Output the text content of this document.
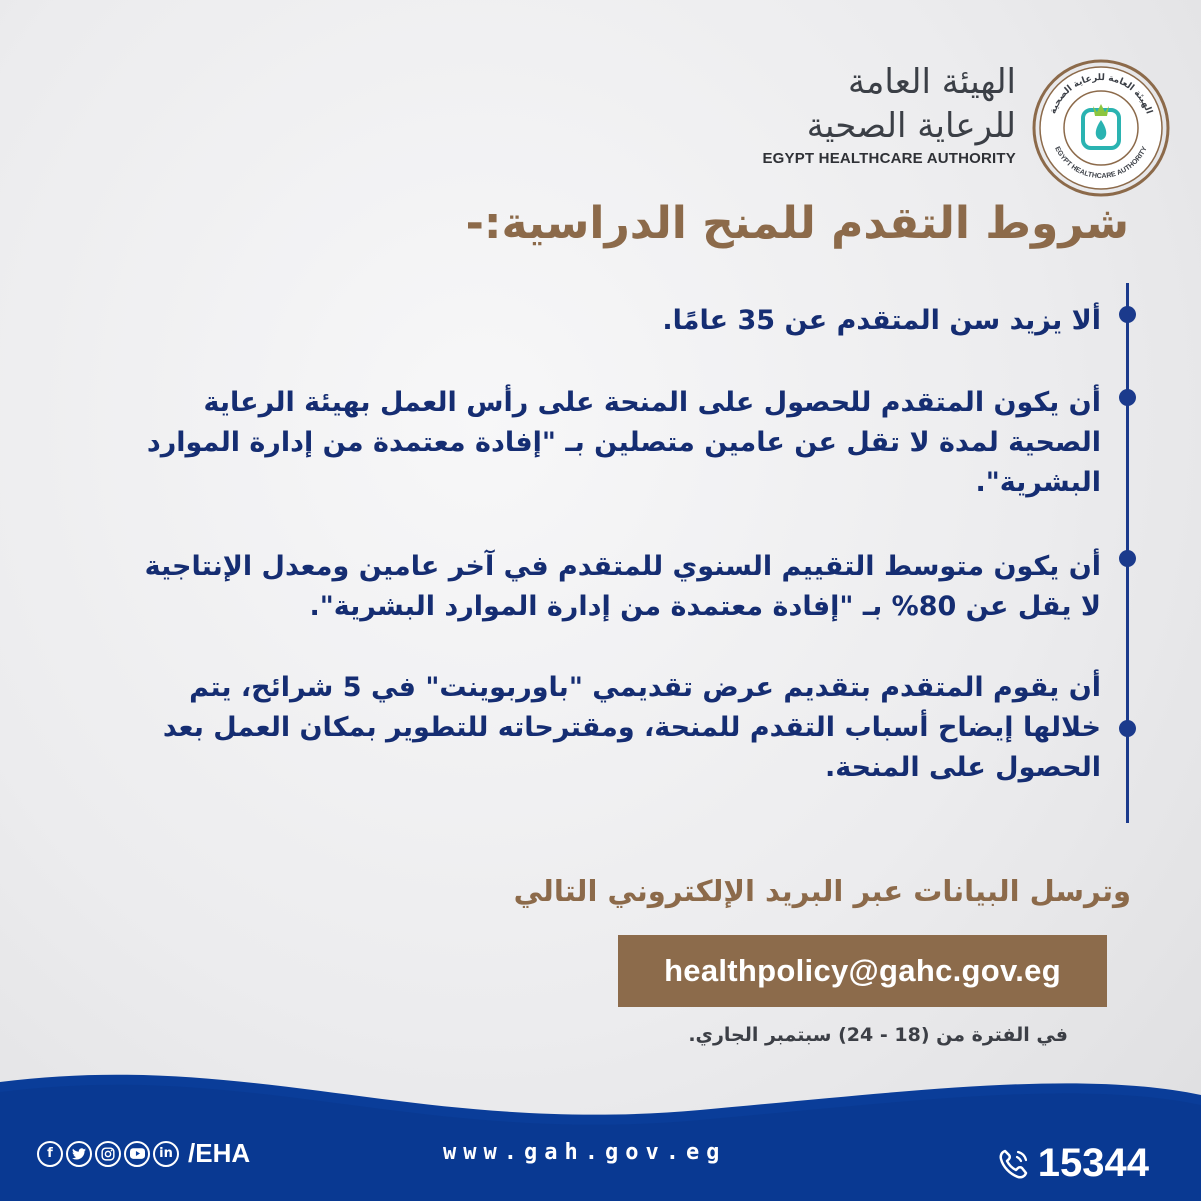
الهيئة العامة
للرعاية الصحية
EGYPT HEALTHCARE AUTHORITY
الهيئة العامة للرعاية الصحية
EGYPT HEALTHCARE AUTHORITY
شروط التقدم للمنح الدراسية:-
ألا يزيد سن المتقدم عن 35 عامًا.
أن يكون المتقدم للحصول على المنحة على رأس العمل بهيئة الرعاية الصحية لمدة لا تقل عن عامين متصلين بـ "إفادة معتمدة من إدارة الموارد البشرية".
أن يكون متوسط التقييم السنوي للمتقدم في آخر عامين ومعدل الإنتاجية لا يقل عن 80% بـ "إفادة معتمدة من إدارة الموارد البشرية".
أن يقوم المتقدم بتقديم عرض تقديمي "باوربوينت" في 5 شرائح، يتم خلالها إيضاح أسباب التقدم للمنحة، ومقترحاته للتطوير بمكان العمل بعد الحصول على المنحة.
وترسل البيانات عبر البريد الإلكتروني التالي
healthpolicy@gahc.gov.eg
في الفترة من (18 - 24) سبتمبر الجاري.
f	in /EHA	www.gah.gov.eg	15344
